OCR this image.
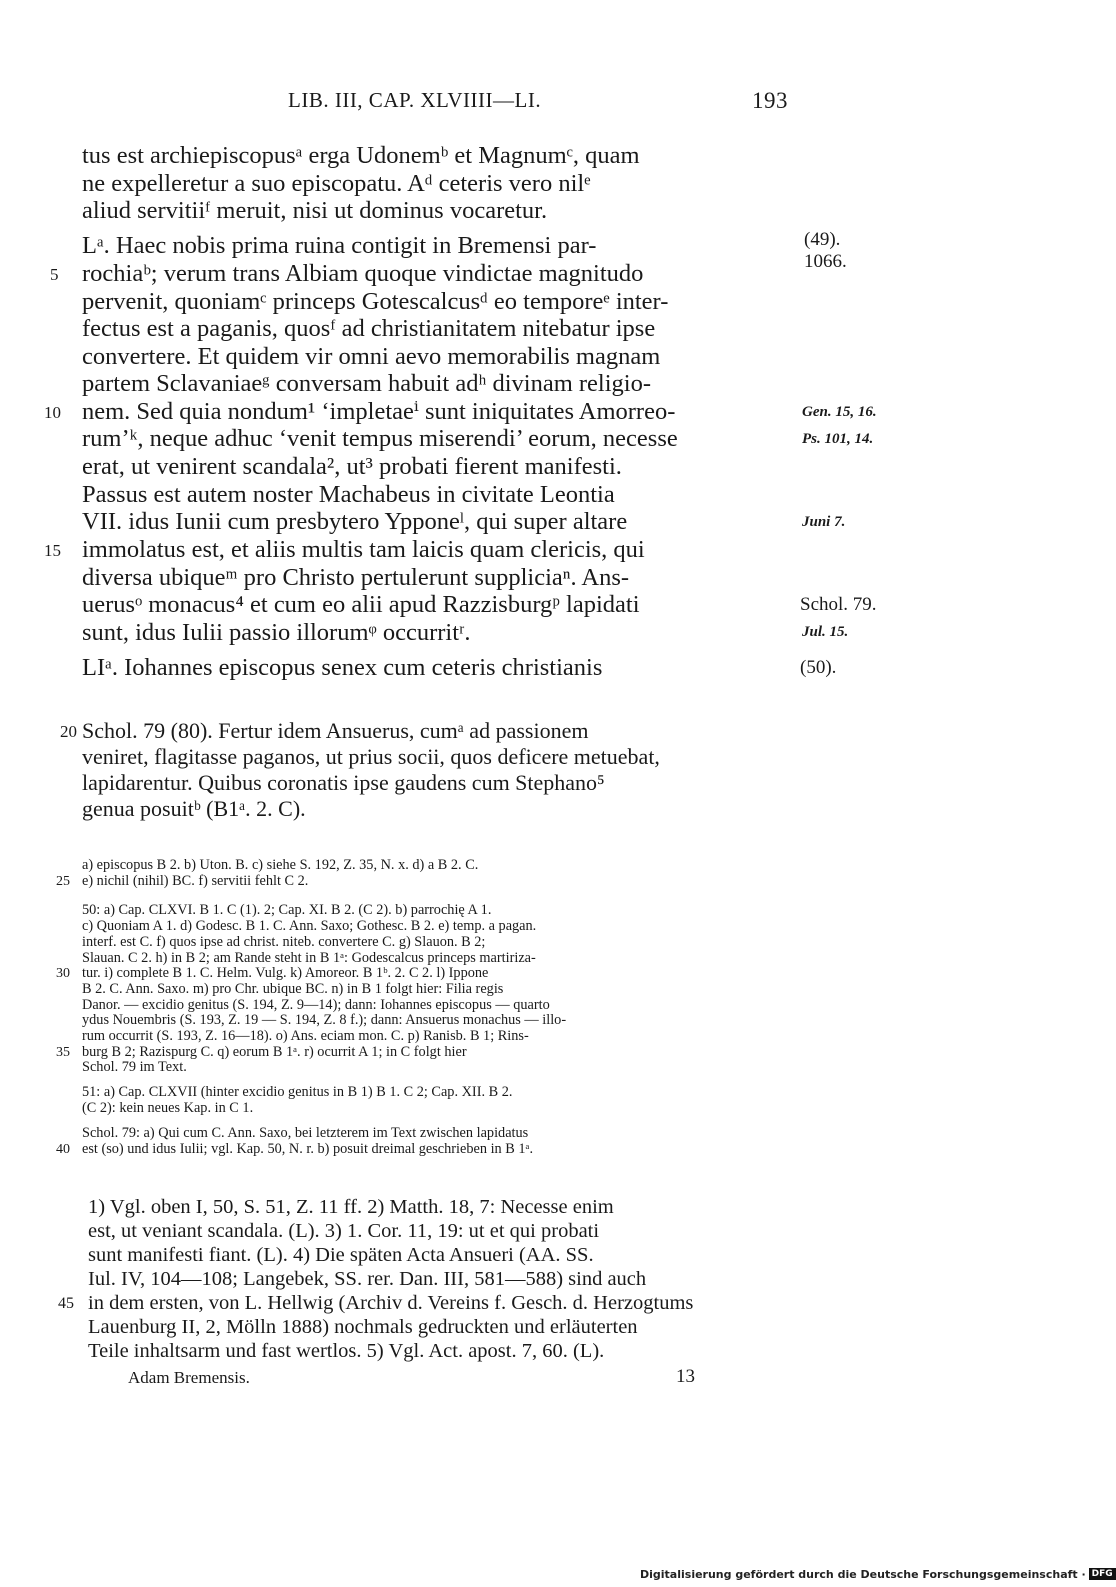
LIB. III, CAP. XLVIIII—LI.	193
tus est archiepiscopusᵃ erga Udonemᵇ et Magnumᶜ, quam
ne expelleretur a suo episcopatu. Aᵈ ceteris vero nilᵉ
aliud servitiiᶠ meruit, nisi ut dominus vocaretur.
Lᵃ. Haec nobis prima ruina contigit in Bremensi par-
rochiaᵇ; verum trans Albiam quoque vindictae magnitudo
pervenit, quoniamᶜ princeps Gotescalcusᵈ eo temporeᵉ inter-
fectus est a paganis, quosᶠ ad christianitatem nitebatur ipse
convertere. Et quidem vir omni aevo memorabilis magnam
partem Sclavaniaeᵍ conversam habuit adʰ divinam religio-
nem. Sed quia nondum¹ ‘impletaeⁱ sunt iniquitates Amorreo-
rum’ᵏ, neque adhuc ‘venit tempus miserendi’ eorum, necesse
erat, ut venirent scandala², ut³ probati fierent manifesti.
Passus est autem noster Machabeus in civitate Leontia
VII. idus Iunii cum presbytero Ypponeˡ, qui super altare
immolatus est, et aliis multis tam laicis quam clericis, qui
diversa ubiqueᵐ pro Christo pertulerunt suppliciaⁿ. Ans-
uerusᵒ monacus⁴ et cum eo alii apud Razzisburgᵖ lapidati
sunt, idus Iulii passio illorumᵠ occurritʳ.
LIᵃ. Iohannes episcopus senex cum ceteris christianis
5
10
15
(49).
1066.
Gen. 15, 16.
Ps. 101, 14.
Juni 7.
Schol. 79.
Jul. 15.
(50).
Schol. 79 (80). Fertur idem Ansuerus, cumᵃ ad passionem
veniret, flagitasse paganos, ut prius socii, quos deficere metuebat,
lapidarentur. Quibus coronatis ipse gaudens cum Stephano⁵
genua posuitᵇ (B1ᵃ. 2. C).
20
a) episcopus B 2. b) Uton. B. c) siehe S. 192, Z. 35, N. x. d) a B 2. C.
e) nichil (nihil) BC. f) servitii fehlt C 2.
50: a) Cap. CLXVI. B 1. C (1). 2; Cap. XI. B 2. (C 2). b) parrochię A 1.
c) Quoniam A 1. d) Godesc. B 1. C. Ann. Saxo; Gothesc. B 2. e) temp. a pagan.
interf. est C. f) quos ipse ad christ. niteb. convertere C. g) Slauon. B 2;
Slauan. C 2. h) in B 2; am Rande steht in B 1ᵃ: Godescalcus princeps martiriza-
tur. i) complete B 1. C. Helm. Vulg. k) Amoreor. B 1ᵇ. 2. C 2. l) Ippone
B 2. C. Ann. Saxo. m) pro Chr. ubique BC. n) in B 1 folgt hier: Filia regis
Danor. — excidio genitus (S. 194, Z. 9—14); dann: Iohannes episcopus — quarto
ydus Nouembris (S. 193, Z. 19 — S. 194, Z. 8 f.); dann: Ansuerus monachus — illo-
rum occurrit (S. 193, Z. 16—18). o) Ans. eciam mon. C. p) Ranisb. B 1; Rins-
burg B 2; Razispurg C. q) eorum B 1ᵃ. r) ocurrit A 1; in C folgt hier
Schol. 79 im Text.
51: a) Cap. CLXVII (hinter excidio genitus in B 1) B 1. C 2; Cap. XII. B 2.
(C 2): kein neues Kap. in C 1.
Schol. 79: a) Qui cum C. Ann. Saxo, bei letzterem im Text zwischen lapidatus
est (so) und idus Iulii; vgl. Kap. 50, N. r. b) posuit dreimal geschrieben in B 1ᵃ.
25
30
35
40
1) Vgl. oben I, 50, S. 51, Z. 11 ff. 2) Matth. 18, 7: Necesse enim
est, ut veniant scandala. (L). 3) 1. Cor. 11, 19: ut et qui probati
sunt manifesti fiant. (L). 4) Die späten Acta Ansueri (AA. SS.
Iul. IV, 104—108; Langebek, SS. rer. Dan. III, 581—588) sind auch
in dem ersten, von L. Hellwig (Archiv d. Vereins f. Gesch. d. Herzogtums
Lauenburg II, 2, Mölln 1888) nochmals gedruckten und erläuterten
Teile inhaltsarm und fast wertlos. 5) Vgl. Act. apost. 7, 60. (L).
45
Adam Bremensis.	13
Digitalisierung gefördert durch die Deutsche Forschungsgemeinschaft · DFG
